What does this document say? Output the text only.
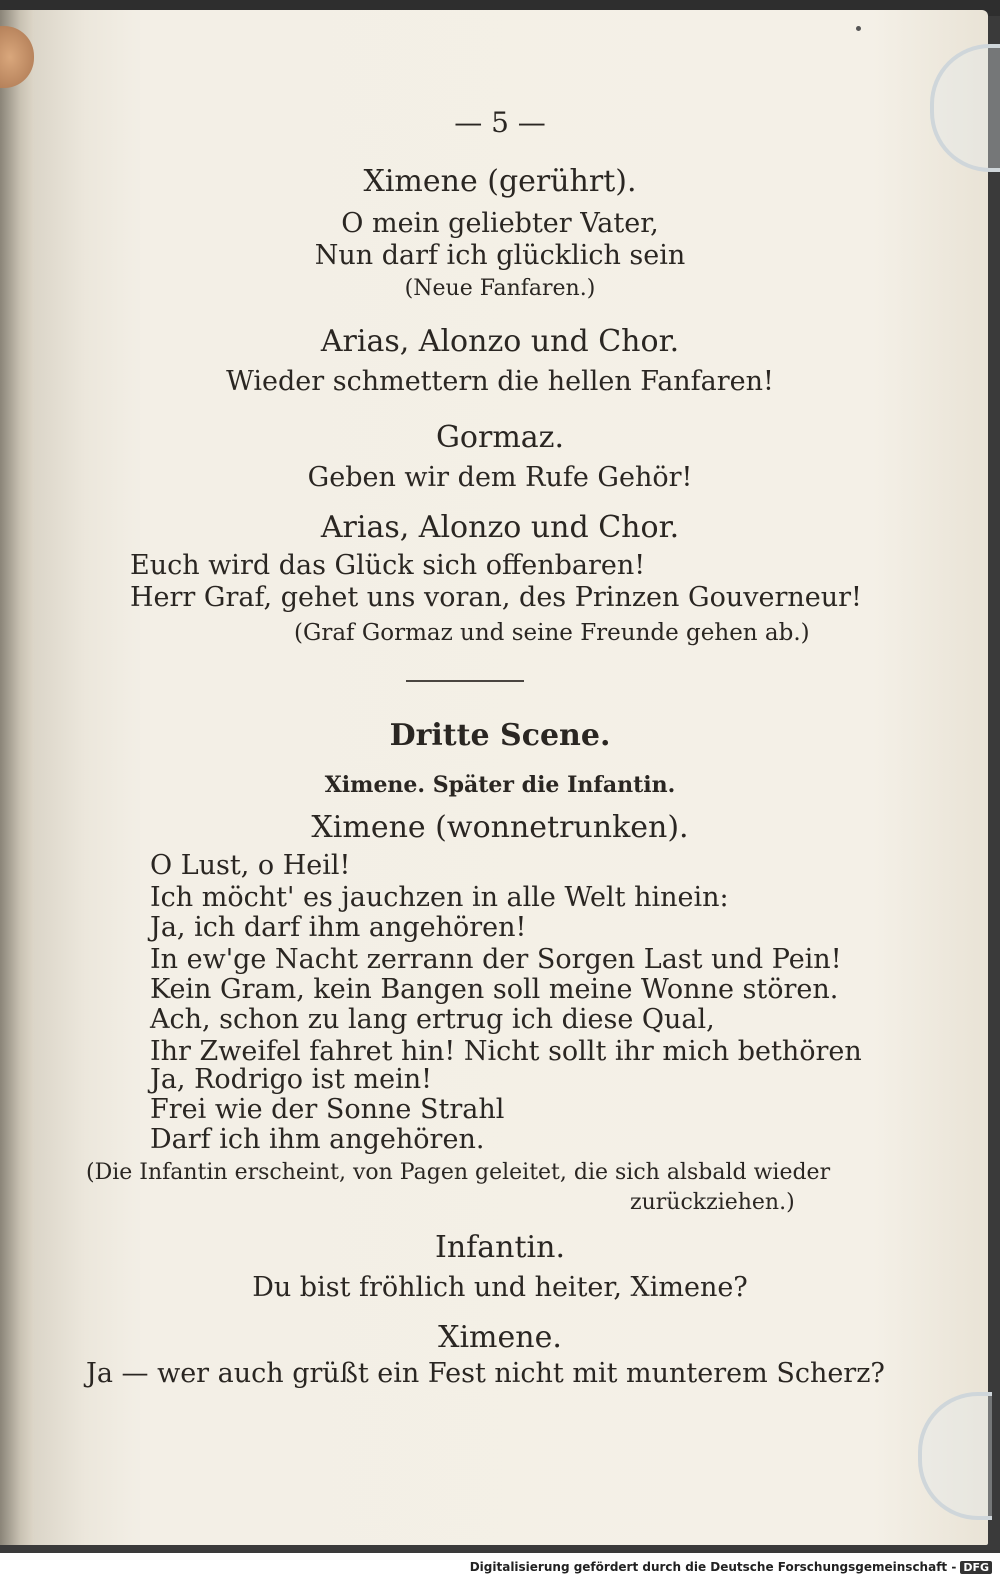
— 5 —
Ximene (gerührt).
O mein geliebter Vater,
Nun darf ich glücklich sein
(Neue Fanfaren.)
Arias, Alonzo und Chor.
Wieder schmettern die hellen Fanfaren!
Gormaz.
Geben wir dem Rufe Gehör!
Arias, Alonzo und Chor.
Euch wird das Glück sich offenbaren!
Herr Graf, gehet uns voran, des Prinzen Gouverneur!
(Graf Gormaz und seine Freunde gehen ab.)
Dritte Scene.
Ximene. Später die Infantin.
Ximene (wonnetrunken).
O Lust, o Heil!
Ich möcht' es jauchzen in alle Welt hinein:
Ja, ich darf ihm angehören!
In ew'ge Nacht zerrann der Sorgen Last und Pein!
Kein Gram, kein Bangen soll meine Wonne stören.
Ach, schon zu lang ertrug ich diese Qual,
Ihr Zweifel fahret hin! Nicht sollt ihr mich bethören
Ja, Rodrigo ist mein!
Frei wie der Sonne Strahl
Darf ich ihm angehören.
(Die Infantin erscheint, von Pagen geleitet, die sich alsbald wieder
zurückziehen.)
Infantin.
Du bist fröhlich und heiter, Ximene?
Ximene.
Ja — wer auch grüßt ein Fest nicht mit munterem Scherz?
Digitalisierung gefördert durch die Deutsche Forschungsgemeinschaft - DFG
